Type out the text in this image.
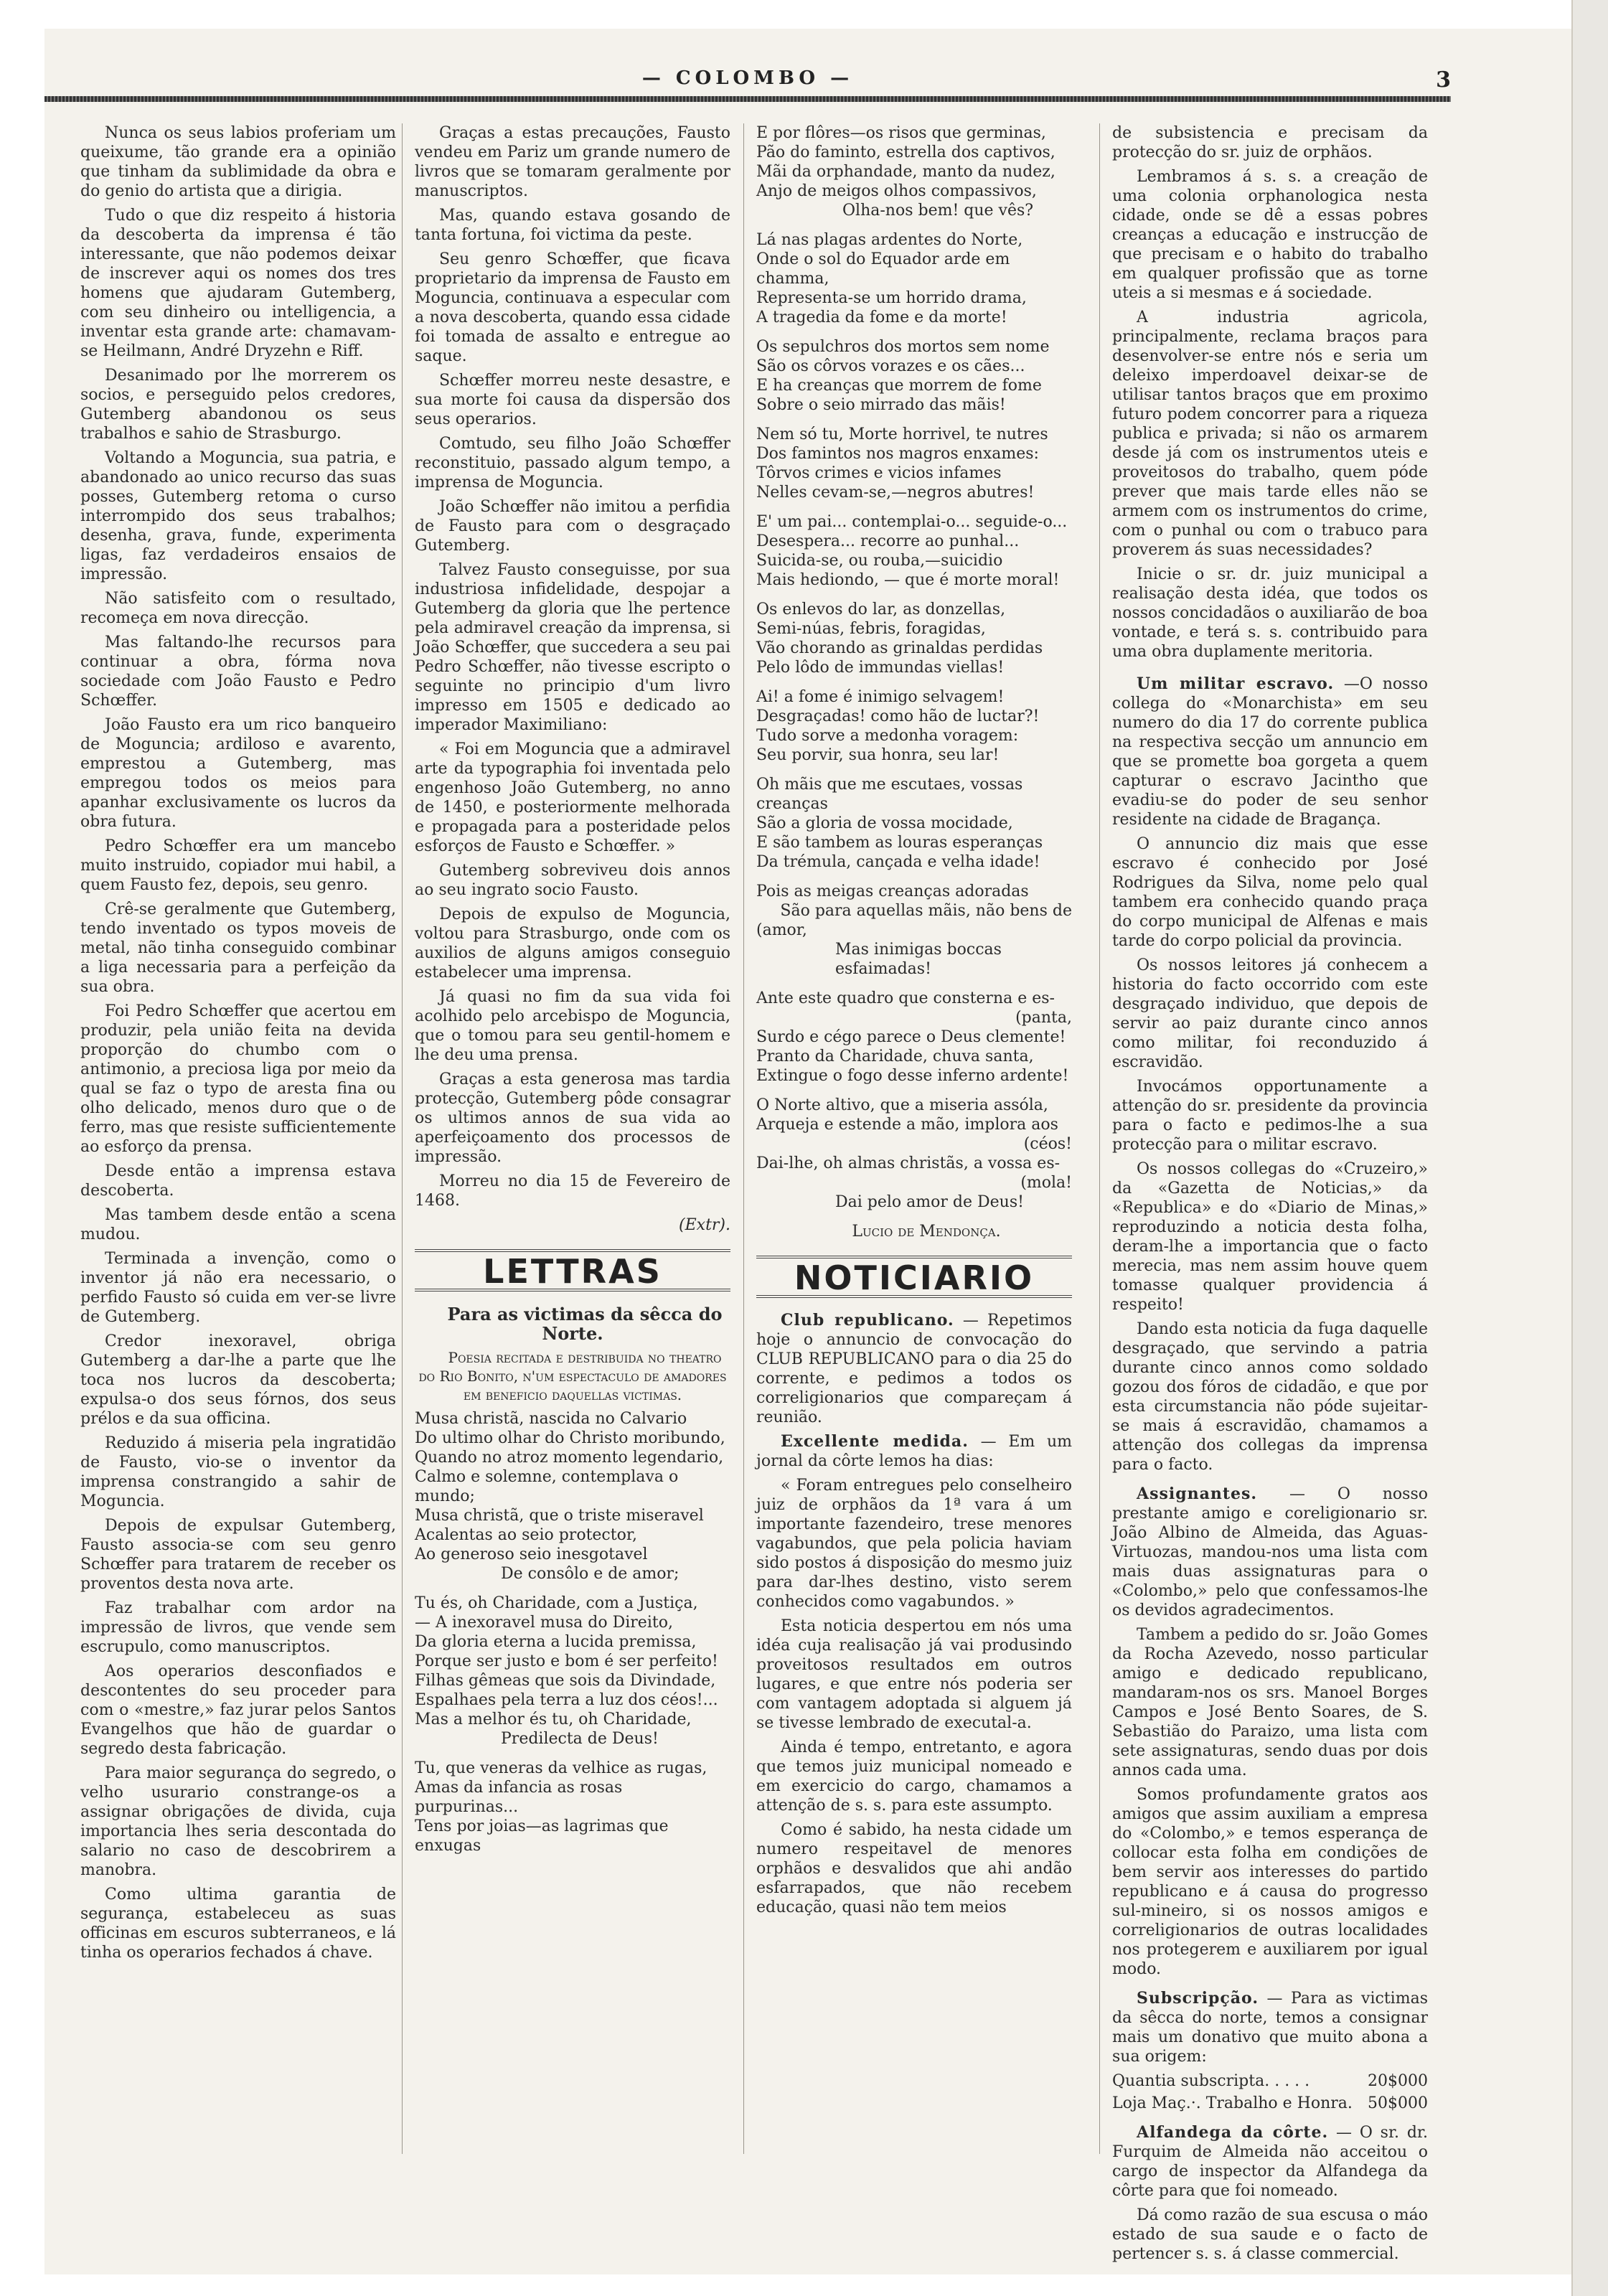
— COLOMBO —	3

Nunca os seus labios proferiam um queixume, tão grande era a opinião que tinham da sublimidade da obra e do genio do artista que a dirigia.

Tudo o que diz respeito á historia da descoberta da imprensa é tão interessante, que não podemos deixar de inscrever aqui os nomes dos tres homens que ajudaram Gutemberg, com seu dinheiro ou intelligencia, a inventar esta grande arte: chamavam-se Heilmann, André Dryzehn e Riff.

Desanimado por lhe morrerem os socios, e perseguido pelos credores, Gutemberg abandonou os seus trabalhos e sahio de Strasburgo.

Voltando a Moguncia, sua patria, e abandonado ao unico recurso das suas posses, Gutemberg retoma o curso interrompido dos seus trabalhos; desenha, grava, funde, experimenta ligas, faz verdadeiros ensaios de impressão.

Não satisfeito com o resultado, recomeça em nova direcção.

Mas faltando-lhe recursos para continuar a obra, fórma nova sociedade com João Fausto e Pedro Schœffer.

João Fausto era um rico banqueiro de Moguncia; ardiloso e avarento, emprestou a Gutemberg, mas empregou todos os meios para apanhar exclusivamente os lucros da obra futura.

Pedro Schœffer era um mancebo muito instruido, copiador mui habil, a quem Fausto fez, depois, seu genro.

Crê-se geralmente que Gutemberg, tendo inventado os typos moveis de metal, não tinha conseguido combinar a liga necessaria para a perfeição da sua obra.

Foi Pedro Schœffer que acertou em produzir, pela união feita na devida proporção do chumbo com o antimonio, a preciosa liga por meio da qual se faz o typo de aresta fina ou olho delicado, menos duro que o de ferro, mas que resiste sufficientemente ao esforço da prensa.

Desde então a imprensa estava descoberta.

Mas tambem desde então a scena mudou.

Terminada a invenção, como o inventor já não era necessario, o perfido Fausto só cuida em ver-se livre de Gutemberg.

Credor inexoravel, obriga Gutemberg a dar-lhe a parte que lhe toca nos lucros da descoberta; expulsa-o dos seus fórnos, dos seus prélos e da sua officina.

Reduzido á miseria pela ingratidão de Fausto, vio-se o inventor da imprensa constrangido a sahir de Moguncia.

Depois de expulsar Gutemberg, Fausto associa-se com seu genro Schœffer para tratarem de receber os proventos desta nova arte.

Faz trabalhar com ardor na impressão de livros, que vende sem escrupulo, como manuscriptos.

Aos operarios desconfiados e descontentes do seu proceder para com o «mestre,» faz jurar pelos Santos Evangelhos que hão de guardar o segredo desta fabricação.

Para maior segurança do segredo, o velho usurario constrange-os a assignar obrigações de divida, cuja importancia lhes seria descontada do salario no caso de descobrirem a manobra.

Como ultima garantia de segurança, estabeleceu as suas officinas em escuros subterraneos, e lá tinha os operarios fechados á chave.

Graças a estas precauções, Fausto vendeu em Pariz um grande numero de livros que se tomaram geralmente por manuscriptos.

Mas, quando estava gosando de tanta fortuna, foi victima da peste.

Seu genro Schœffer, que ficava proprietario da imprensa de Fausto em Moguncia, continuava a especular com a nova descoberta, quando essa cidade foi tomada de assalto e entregue ao saque.

Schœffer morreu neste desastre, e sua morte foi causa da dispersão dos seus operarios.

Comtudo, seu filho João Schœffer reconstituio, passado algum tempo, a imprensa de Moguncia.

João Schœffer não imitou a perfidia de Fausto para com o desgraçado Gutemberg.

Talvez Fausto conseguisse, por sua industriosa infidelidade, despojar a Gutemberg da gloria que lhe pertence pela admiravel creação da imprensa, si João Schœffer, que succedera a seu pai Pedro Schœffer, não tivesse escripto o seguinte no principio d'um livro impresso em 1505 e dedicado ao imperador Maximiliano:

« Foi em Moguncia que a admiravel arte da typographia foi inventada pelo engenhoso João Gutemberg, no anno de 1450, e posteriormente melhorada e propagada para a posteridade pelos esforços de Fausto e Schœffer. »

Gutemberg sobreviveu dois annos ao seu ingrato socio Fausto.

Depois de expulso de Moguncia, voltou para Strasburgo, onde com os auxilios de alguns amigos conseguio estabelecer uma imprensa.

Já quasi no fim da sua vida foi acolhido pelo arcebispo de Moguncia, que o tomou para seu gentil-homem e lhe deu uma prensa.

Graças a esta generosa mas tardia protecção, Gutemberg pôde consagrar os ultimos annos de sua vida ao aperfeiçoamento dos processos de impressão.

Morreu no dia 15 de Fevereiro de 1468.

(Extr).

LETTRAS

Para as victimas da sêcca do Norte.

Poesia recitada e destribuida no theatro do Rio Bonito, n'um espectaculo de amadores em beneficio daquellas victimas.

Musa christã, nascida no Calvario

Do ultimo olhar do Christo moribundo,

Quando no atroz momento legendario,

Calmo e solemne, contemplava o mundo;

Musa christã, que o triste miseravel

Acalentas ao seio protector,

Ao generoso seio inesgotavel

De consôlo e de amor;

Tu és, oh Charidade, com a Justiça,

— A inexoravel musa do Direito,

Da gloria eterna a lucida premissa,

Porque ser justo e bom é ser perfeito!

Filhas gêmeas que sois da Divindade,

Espalhaes pela terra a luz dos céos!...

Mas a melhor és tu, oh Charidade,

Predilecta de Deus!

Tu, que veneras da velhice as rugas,

Amas da infancia as rosas purpurinas...

Tens por joias—as lagrimas que enxugas

E por flôres—os risos que germinas,

Pão do faminto, estrella dos captivos,

Mãi da orphandade, manto da nudez,

Anjo de meigos olhos compassivos,

Olha-nos bem! que vês?

Lá nas plagas ardentes do Norte,

Onde o sol do Equador arde em chamma,

Representa-se um horrido drama,

A tragedia da fome e da morte!

Os sepulchros dos mortos sem nome

São os côrvos vorazes e os cães...

E ha creanças que morrem de fome

Sobre o seio mirrado das mãis!

Nem só tu, Morte horrivel, te nutres

Dos famintos nos magros enxames:

Tôrvos crimes e vicios infames

Nelles cevam-se,—negros abutres!

E' um pai... contemplai-o... seguide-o...

Desespera... recorre ao punhal...

Suicida-se, ou rouba,—suicidio

Mais hediondo, — que é morte moral!

Os enlevos do lar, as donzellas,

Semi-núas, febris, foragidas,

Vão chorando as grinaldas perdidas

Pelo lôdo de immundas viellas!

Ai! a fome é inimigo selvagem!

Desgraçadas! como hão de luctar?!

Tudo sorve a medonha voragem:

Seu porvir, sua honra, seu lar!

Oh mãis que me escutaes, vossas creanças

São a gloria de vossa mocidade,

E são tambem as louras esperanças

Da trémula, cançada e velha idade!

Pois as meigas creanças adoradas

São para aquellas mãis, não bens de

(amor,

Mas inimigas boccas esfaimadas!

Ante este quadro que consterna e es-

(panta,

Surdo e cégo parece o Deus clemente!

Pranto da Charidade, chuva santa,

Extingue o fogo desse inferno ardente!

O Norte altivo, que a miseria assóla,

Arqueja e estende a mão, implora aos

(céos!

Dai-lhe, oh almas christãs, a vossa es-

(mola!

Dai pelo amor de Deus!

Lucio de Mendonça.

NOTICIARIO

Club republicano. — Repetimos hoje o annuncio de convocação do CLUB REPUBLICANO para o dia 25 do corrente, e pedimos a todos os correligionarios que compareçam á reunião.

Excellente medida. — Em um jornal da côrte lemos ha dias:

« Foram entregues pelo conselheiro juiz de orphãos da 1ª vara á um importante fazendeiro, trese menores vagabundos, que pela policia haviam sido postos á disposição do mesmo juiz para dar-lhes destino, visto serem conhecidos como vagabundos. »

Esta noticia despertou em nós uma idéa cuja realisação já vai produsindo proveitosos resultados em outros lugares, e que entre nós poderia ser com vantagem adoptada si alguem já se tivesse lembrado de executal-a.

Ainda é tempo, entretanto, e agora que temos juiz municipal nomeado e em exercicio do cargo, chamamos a attenção de s. s. para este assumpto.

Como é sabido, ha nesta cidade um numero respeitavel de menores orphãos e desvalidos que ahi andão esfarrapados, que não recebem educação, quasi não tem meios

de subsistencia e precisam da protecção do sr. juiz de orphãos.

Lembramos á s. s. a creação de uma colonia orphanologica nesta cidade, onde se dê a essas pobres creanças a educação e instrucção de que precisam e o habito do trabalho em qualquer profissão que as torne uteis a si mesmas e á sociedade.

A industria agricola, principalmente, reclama braços para desenvolver-se entre nós e seria um deleixo imperdoavel deixar-se de utilisar tantos braços que em proximo futuro podem concorrer para a riqueza publica e privada; si não os armarem desde já com os instrumentos uteis e proveitosos do trabalho, quem póde prever que mais tarde elles não se armem com os instrumentos do crime, com o punhal ou com o trabuco para proverem ás suas necessidades?

Inicie o sr. dr. juiz municipal a realisação desta idéa, que todos os nossos concidadãos o auxiliarão de boa vontade, e terá s. s. contribuido para uma obra duplamente meritoria.

Um militar escravo. —O nosso collega do «Monarchista» em seu numero do dia 17 do corrente publica na respectiva secção um annuncio em que se promette boa gorgeta a quem capturar o escravo Jacintho que evadiu-se do poder de seu senhor residente na cidade de Bragança.

O annuncio diz mais que esse escravo é conhecido por José Rodrigues da Silva, nome pelo qual tambem era conhecido quando praça do corpo municipal de Alfenas e mais tarde do corpo policial da provincia.

Os nossos leitores já conhecem a historia do facto occorrido com este desgraçado individuo, que depois de servir ao paiz durante cinco annos como militar, foi reconduzido á escravidão.

Invocámos opportunamente a attenção do sr. presidente da provincia para o facto e pedimos-lhe a sua protecção para o militar escravo.

Os nossos collegas do «Cruzeiro,» da «Gazetta de Noticias,» da «Republica» e do «Diario de Minas,» reproduzindo a noticia desta folha, deram-lhe a importancia que o facto merecia, mas nem assim houve quem tomasse qualquer providencia á respeito!

Dando esta noticia da fuga daquelle desgraçado, que servindo a patria durante cinco annos como soldado gozou dos fóros de cidadão, e que por esta circumstancia não póde sujeitar-se mais á escravidão, chamamos a attenção dos collegas da imprensa para o facto.

Assignantes. — O nosso prestante amigo e coreligionario sr. João Albino de Almeida, das Aguas-Virtuozas, mandou-nos uma lista com mais duas assignaturas para o «Colombo,» pelo que confessamos-lhe os devidos agradecimentos.

Tambem a pedido do sr. João Gomes da Rocha Azevedo, nosso particular amigo e dedicado republicano, mandaram-nos os srs. Manoel Borges Campos e José Bento Soares, de S. Sebastião do Paraizo, uma lista com sete assignaturas, sendo duas por dois annos cada uma.

Somos profundamente gratos aos amigos que assim auxiliam a empresa do «Colombo,» e temos esperança de collocar esta folha em condições de bem servir aos interesses do partido republicano e á causa do progresso sul-mineiro, si os nossos amigos e correligionarios de outras localidades nos protegerem e auxiliarem por igual modo.

Subscripção. — Para as victimas da sêcca do norte, temos a consignar mais um donativo que muito abona a sua origem:

Quantia subscripta. . . . .	20$000
Loja Maç.·. Trabalho e Honra. 50$000

Alfandega da côrte. — O sr. dr. Furquim de Almeida não acceitou o cargo de inspector da Alfandega da côrte para que foi nomeado.

Dá como razão de sua escusa o máo estado de sua saude e o facto de pertencer s. s. á classe commercial.
